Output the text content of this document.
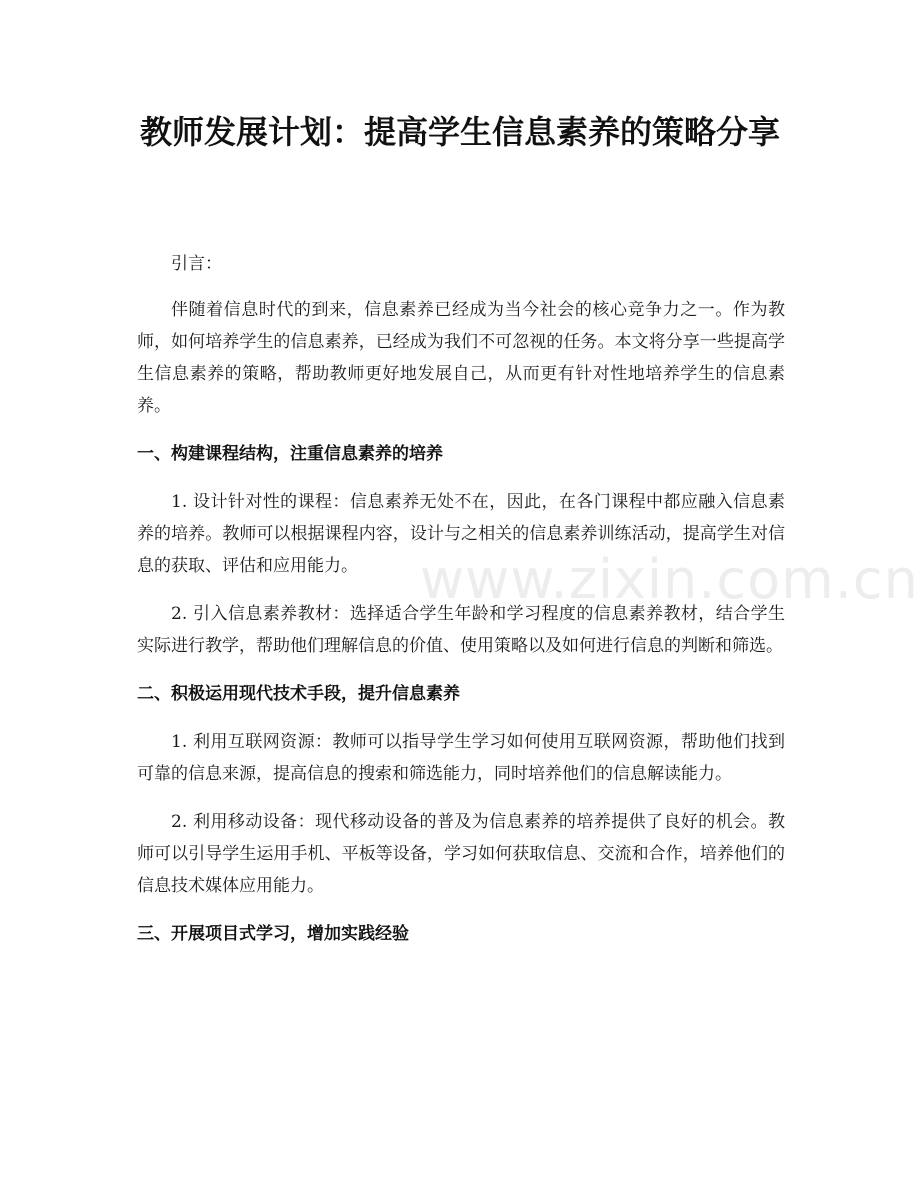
教师发展计划：提高学生信息素养的策略分享

引言：

伴随着信息时代的到来，信息素养已经成为当今社会的核心竞争力之一。作为教师，如何培养学生的信息素养，已经成为我们不可忽视的任务。本文将分享一些提高学生信息素养的策略，帮助教师更好地发展自己，从而更有针对性地培养学生的信息素养。

一、构建课程结构，注重信息素养的培养

1. 设计针对性的课程：信息素养无处不在，因此，在各门课程中都应融入信息素养的培养。教师可以根据课程内容，设计与之相关的信息素养训练活动，提高学生对信息的获取、评估和应用能力。

2. 引入信息素养教材：选择适合学生年龄和学习程度的信息素养教材，结合学生实际进行教学，帮助他们理解信息的价值、使用策略以及如何进行信息的判断和筛选。

二、积极运用现代技术手段，提升信息素养

1. 利用互联网资源：教师可以指导学生学习如何使用互联网资源，帮助他们找到可靠的信息来源，提高信息的搜索和筛选能力，同时培养他们的信息解读能力。

2. 利用移动设备：现代移动设备的普及为信息素养的培养提供了良好的机会。教师可以引导学生运用手机、平板等设备，学习如何获取信息、交流和合作，培养他们的信息技术媒体应用能力。

三、开展项目式学习，增加实践经验
www.zixin.com.cn
